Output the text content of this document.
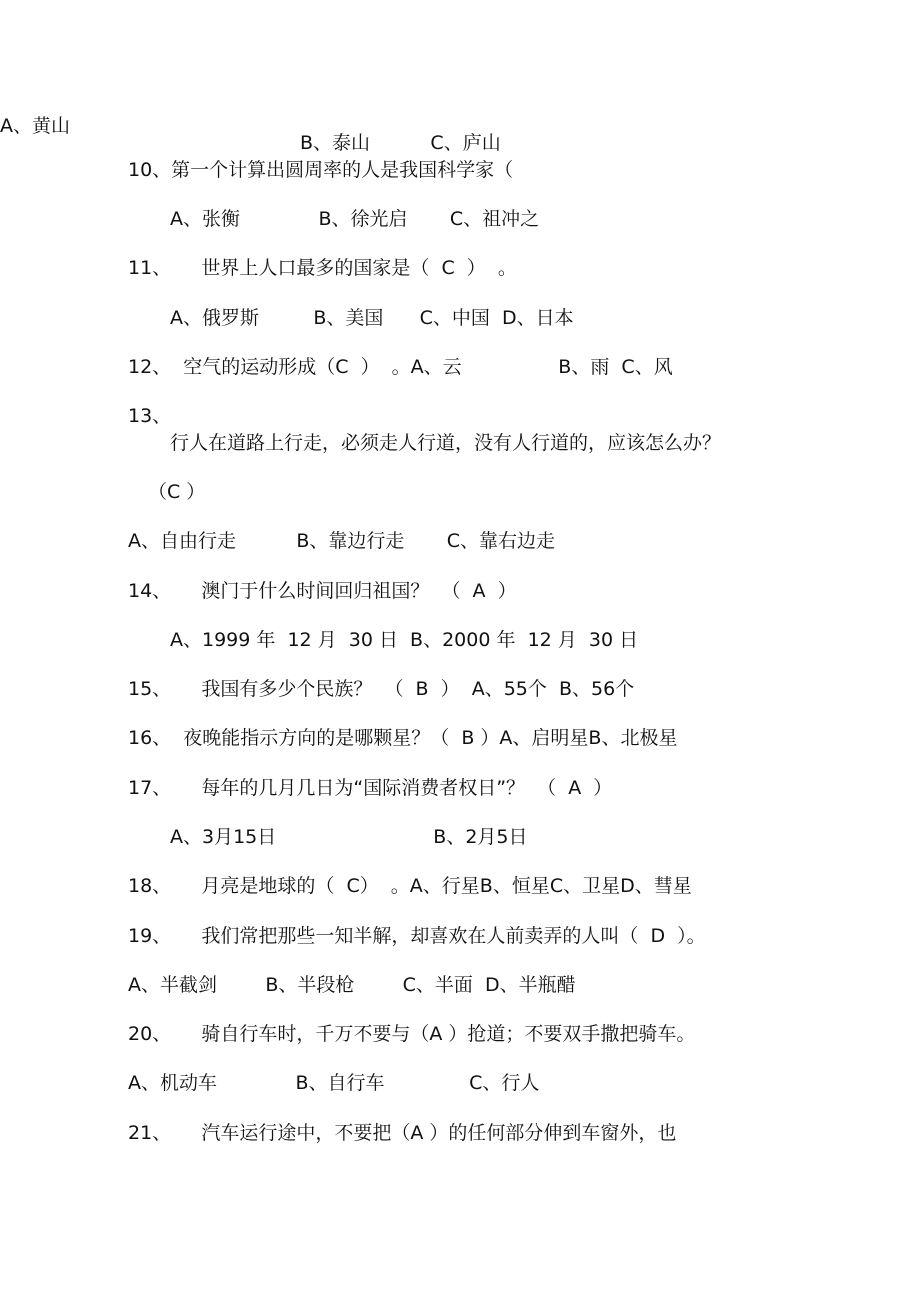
A、黄山
B、泰山          C、庐山
10、第一个计算出圆周率的人是我国科学家（
A、张衡             B、徐光启       C、祖冲之
11、     世界上人口最多的国家是（  C  ）  。
A、俄罗斯         B、美国      C、中国  D、日本
12、  空气的运动形成（C  ）  。A、云                B、雨  C、风
13、
行人在道路上行走，必须走人行道，没有人行道的，应该怎么办？
（C ）
A、自由行走          B、靠边行走       C、靠右边走
14、     澳门于什么时间回归祖国？  （  A  ）
A、1999 年  12 月  30 日  B、2000 年  12 月  30 日
15、     我国有多少个民族？  （  B  ）  A、55个  B、56个
16、  夜晚能指示方向的是哪颗星？（  B ）A、启明星B、北极星
17、     每年的几月几日为“国际消费者权日”？  （  A  ）
A、3月15日                          B、2月5日
18、     月亮是地球的（  C）  。A、行星B、恒星C、卫星D、彗星
19、     我们常把那些一知半解，却喜欢在人前卖弄的人叫（  D  ）。
A、半截剑        B、半段枪        C、半面  D、半瓶醋
20、     骑自行车时，千万不要与（A ）抢道；不要双手撒把骑车。
A、机动车             B、自行车              C、行人
21、     汽车运行途中，不要把（A ）的任何部分伸到车窗外，也
